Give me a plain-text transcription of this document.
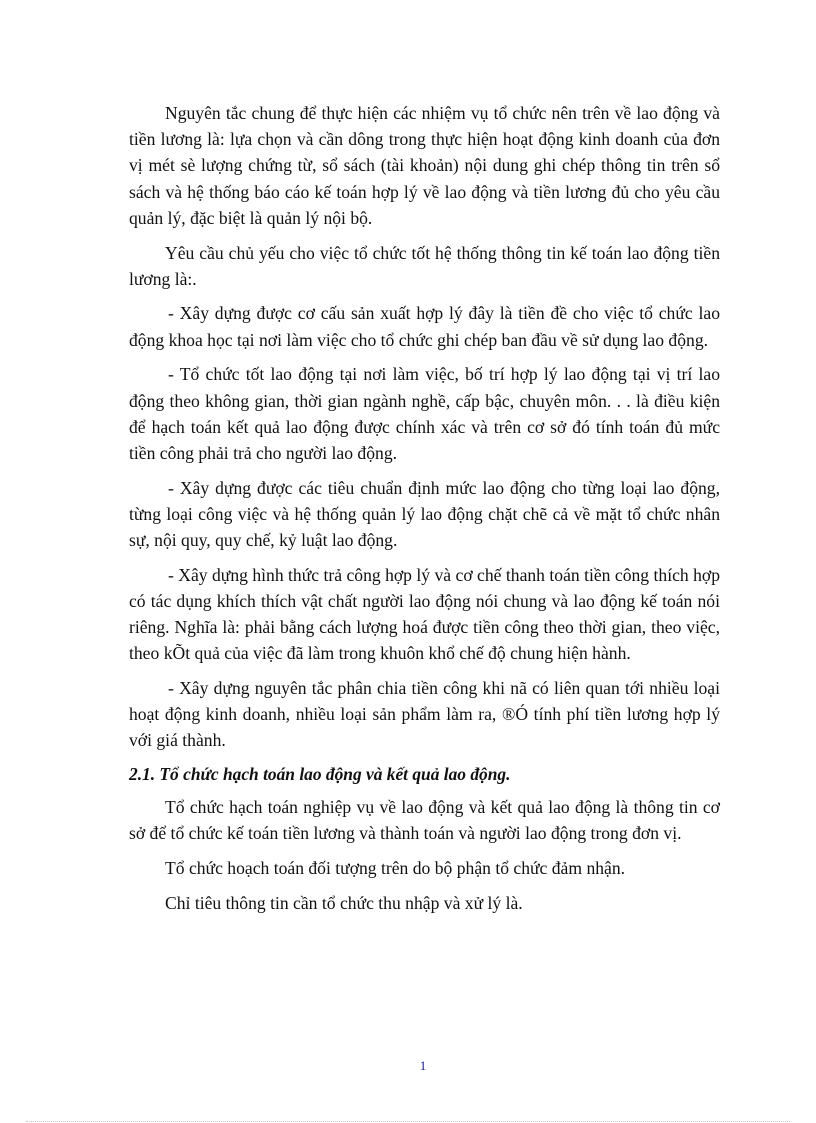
Nguyên tắc chung để thực hiện các nhiệm vụ tổ chức nên trên về lao động và tiền lương là: lựa chọn và cần dông trong thực hiện hoạt động kinh doanh của đơn vị mét sè lượng chứng từ, sổ sách (tài khoản) nội dung ghi chép thông tin trên sổ sách và hệ thống báo cáo kế toán hợp lý về lao động và tiền lương đủ cho yêu cầu quản lý, đặc biệt là quản lý nội bộ.

Yêu cầu chủ yếu cho việc tổ chức tốt hệ thống thông tin kế toán lao động tiền lương là:.

- Xây dựng được cơ cấu sản xuất hợp lý đây là tiền đề cho việc tổ chức lao động khoa học tại nơi làm việc cho tổ chức ghi chép ban đầu về sử dụng lao động.

- Tổ chức tốt lao động tại nơi làm việc, bố trí hợp lý lao động tại vị trí lao động theo không gian, thời gian ngành nghề, cấp bậc, chuyên môn. . . là điều kiện để hạch toán kết quả lao động được chính xác và trên cơ sở đó tính toán đủ mức tiền công phải trả cho người lao động.

- Xây dựng được các tiêu chuẩn định mức lao động cho từng loại lao động, từng loại công việc và hệ thống quản lý lao động chặt chẽ cả về mặt tổ chức nhân sự, nội quy, quy chế, kỷ luật lao động.

- Xây dựng hình thức trả công hợp lý và cơ chế thanh toán tiền công thích hợp có tác dụng khích thích vật chất người lao động nói chung và lao động kế toán nói riêng. Nghĩa là: phải bằng cách lượng hoá được tiền công theo thời gian, theo việc, theo kÕt quả của việc đã làm trong khuôn khổ chế độ chung hiện hành.

- Xây dựng nguyên tắc phân chia tiền công khi nã có liên quan tới nhiều loại hoạt động kinh doanh, nhiều loại sản phẩm làm ra, ®Ó tính phí tiền lương hợp lý với giá thành.

2.1. Tổ chức hạch toán lao động và kết quả lao động.

Tổ chức hạch toán nghiệp vụ về lao động và kết quả lao động là thông tin cơ sở để tổ chức kế toán tiền lương và thành toán và người lao động trong đơn vị.

Tổ chức hoạch toán đối tượng trên do bộ phận tổ chức đảm nhận.

Chỉ tiêu thông tin cần tổ chức thu nhập và xử lý là.

1
